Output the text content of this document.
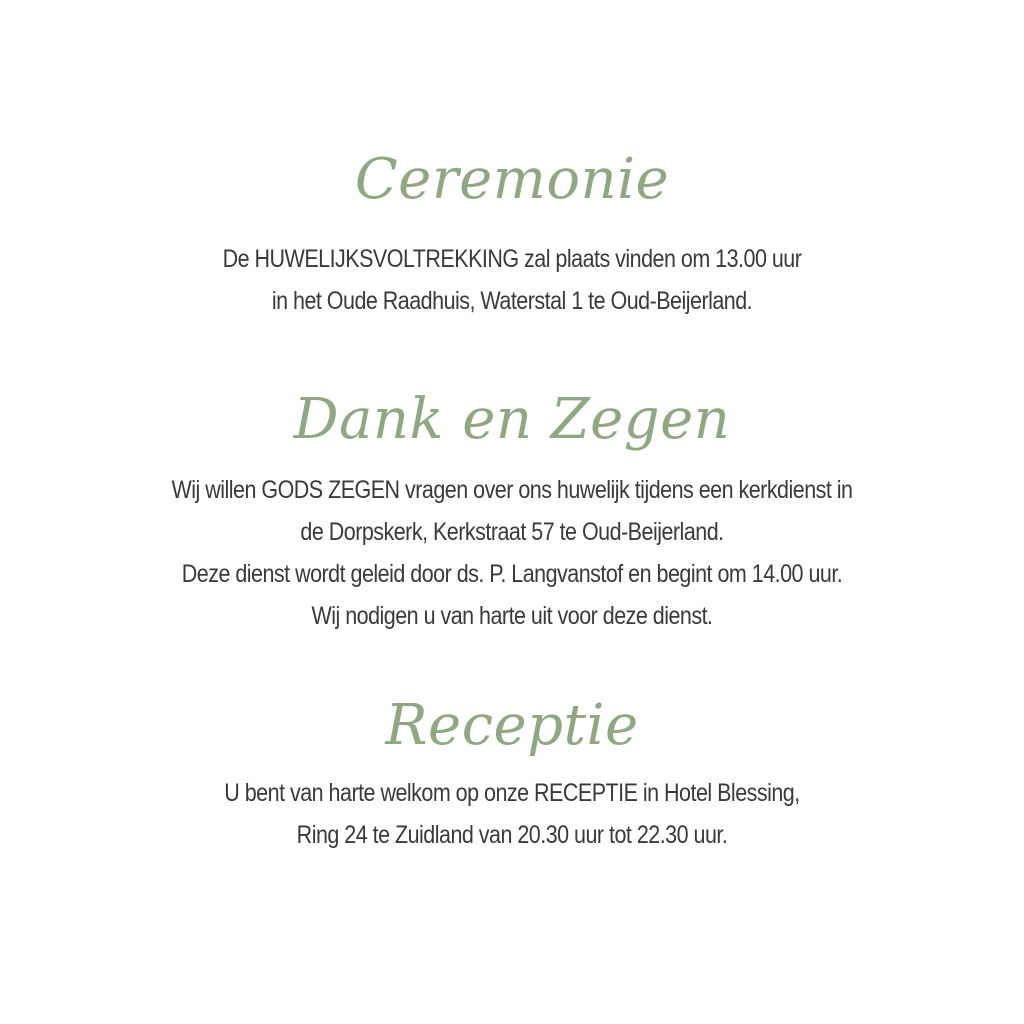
Ceremonie

De HUWELIJKSVOLTREKKING zal plaats vinden om 13.00 uur
in het Oude Raadhuis, Waterstal 1 te Oud-Beijerland.

Dank en Zegen

Wij willen GODS ZEGEN vragen over ons huwelijk tijdens een kerkdienst in
de Dorpskerk, Kerkstraat 57 te Oud-Beijerland.
Deze dienst wordt geleid door ds. P. Langvanstof en begint om 14.00 uur.
Wij nodigen u van harte uit voor deze dienst.

Receptie

U bent van harte welkom op onze RECEPTIE in Hotel Blessing,
Ring 24 te Zuidland van 20.30 uur tot 22.30 uur.
